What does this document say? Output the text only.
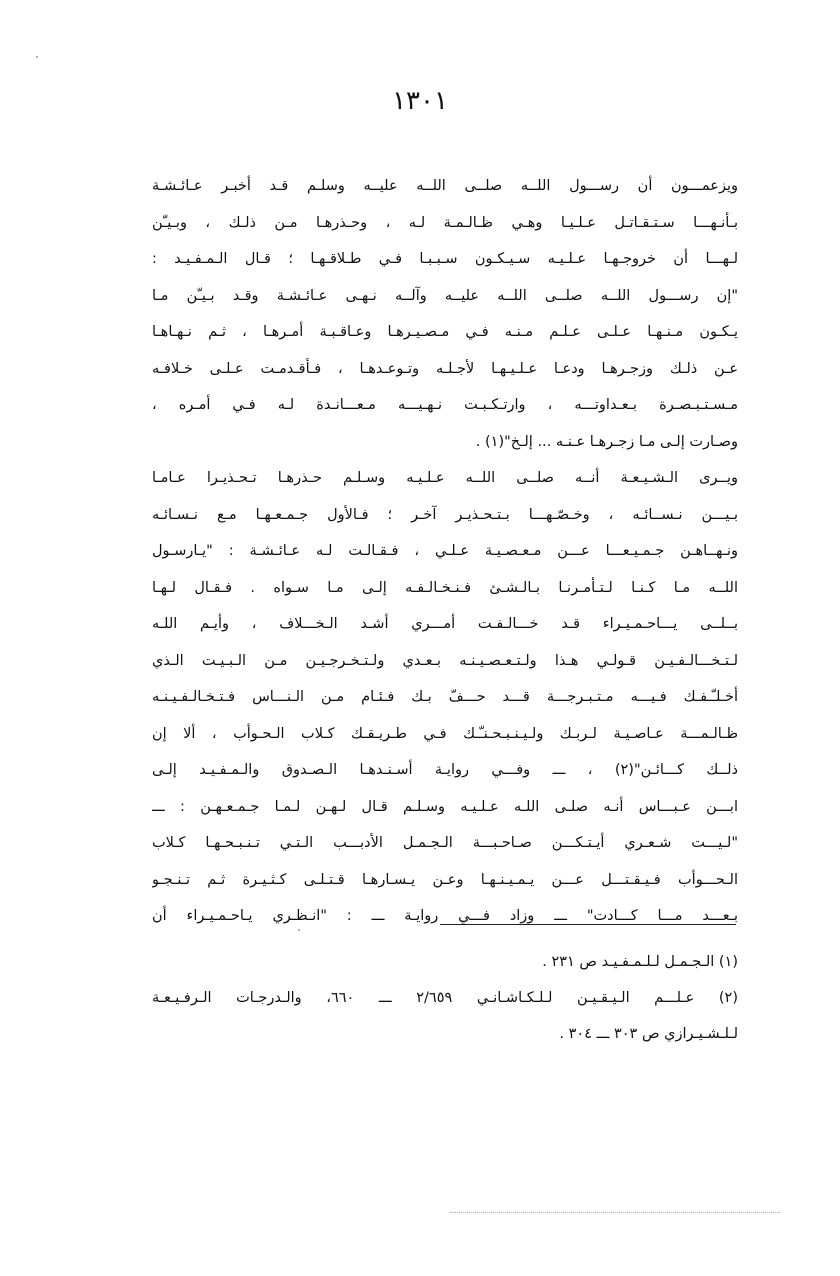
١٣٠١
ويزعمـــون أن رســـول اللــه صلــى اللــه عليــه وسلـم قـد أخبـر عـائـشـة
بـأنـهـــا سـتـقـاتـل عـلـيـا وهـي ظـالـمـة لـه ، وحـذرهـا مـن ذلـك ، وبـيـّن
لـهـــا أن خروجـهـا عـلـيـه سـيـكـون سـبـبـا فـي طـلاقـهـا ؛ قـال الـمـفـيـد :
"إن رســـول اللــه صلــى اللــه عليــه وآلــه نـهـى عـائـشـة وقـد بـيـّن مـا
يـكـون مـنـهـا عـلـى عـلـم مـنـه فـي مـصـيـرهـا وعـاقـبـة أمـرهـا ، ثـم نـهـاهـا
عـن ذلـك وزجـرهـا ودعـا عـلـيـهـا لأجـلـه وتـوعـدهـا ، فـأقـدمـت عـلـى خـلافـه
مـسـتـبـصـرة بـعـداوتـــه ، وارتـكـبـت نـهـيـــه مـعـــانـدة لـه فـي أمـره ،
وصـارت إلـى مـا زجـرهـا عـنـه ... إلـخ"(١) .
ويــرى الـشـيـعـة أنــه صلــى اللــه عـلـيـه وسـلـم حـذرهـا تـحـذيـرا عـامـا
بـيـــن نـســائـه ، وخـصّـهـــا بـتـحـذيـر آخـر ؛ فـالأول جـمـعـهـا مـع نـسـائـه
ونـهــاهـن جـمـيـعـــا عـــن مـعـصـيـة عـلـي ، فـقـالـت لـه عـائـشـة : "يـارسـول
اللــه مـا كـنـا لـتـأمـرنـا بـالـشـئ فـنـخـالـفـه إلـى مـا سـواه . فـقـال لـهـا
بــلــى يـــاحـمـيـراء قـد خـــالـفـت أمـــري أشـد الـخـــلاف ، وأيـم اللـه
لـتـخـــالـفـيـن قـولـي هـذا ولـتـعـصـيـنـه بـعـدي ولـتـخـرجـيـن مـن الـبـيـت الـذي
أخـلـّـفـك فـيـــه مـتـبـرجـــة قـــد حـــفّ بـك فـئـام مـن الـنـــاس فـتـخـالـفـيـنـه
ظـالـمـــة عـاصـيـة لـربـك ولـيـنـبـحـنـّـك فـي طـريـقـك كـلاب الـحـوأب ، ألا إن
ذلــك كـــائـن"(٢) ، ـــ وفـــي روايـة أسـنـدهـا الـصـدوق والـمـفـيـد إلـى
ابـــن عـبـــاس أنـه صلـى اللـه عـلـيـه وسـلـم قـال لـهـن لـمـا جـمـعـهـن : ـــ
"لـيـــت شـعـري أيـتـكـــن صـاحـبـــة الـجـمـل الأدبـــب الـتـي تـنـبـحـهـا كـلاب
الـحـــوأب فـيـقـتـــل عـــن يـمـيـنـهـا وعـن يـسـارهـا قـتـلـى كـثـيـرة ثـم تـنـجـو
بـعـــد مـــا كـــادت" ـــ وزاد فـــي روايـة ـــ : "انـظـري يـاحـمـيـراء أن
(١) الـجـمـل لـلـمـفـيـد ص ٢٣١ .
(٢) عـلـــم الـيـقـيـن لـلـكـاشـانـي ٢/٦٥٩ ـــ ٦٦٠، والـدرجـات الـرفـيـعـة
لـلـشـيـرازي ص ٣٠٣ ـــ ٣٠٤ .
